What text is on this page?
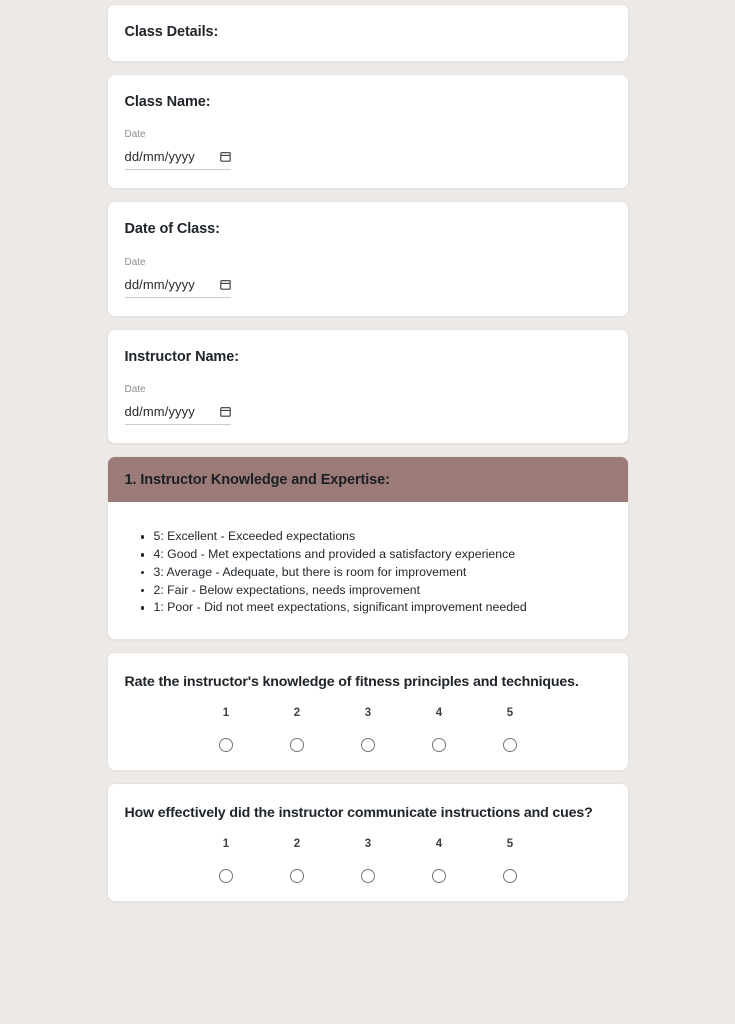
Class Details:
Class Name:
Date
dd/mm/yyyy
Date of Class:
Date
dd/mm/yyyy
Instructor Name:
Date
dd/mm/yyyy
1. Instructor Knowledge and Expertise:
5: Excellent - Exceeded expectations
4: Good - Met expectations and provided a satisfactory experience
3: Average - Adequate, but there is room for improvement
2: Fair - Below expectations, needs improvement
1: Poor - Did not meet expectations, significant improvement needed
Rate the instructor's knowledge of fitness principles and techniques.
1	2	3	4	5
How effectively did the instructor communicate instructions and cues?
1	2	3	4	5
